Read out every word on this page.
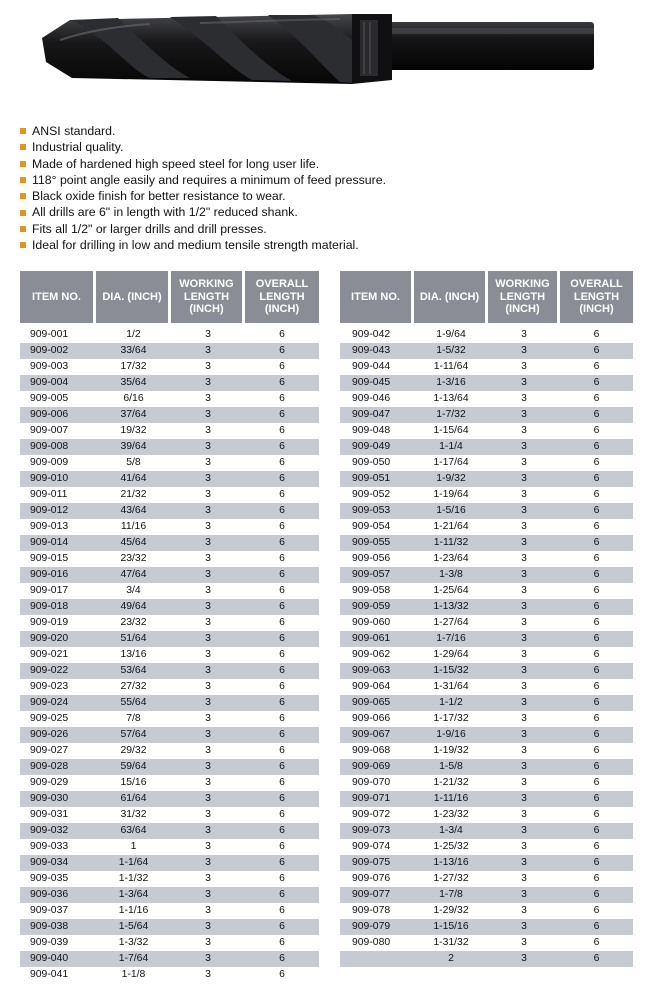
ANSI standard.
Industrial quality.
Made of hardened high speed steel for long user life.
118° point angle easily and requires a minimum of feed pressure.
Black oxide finish for better resistance to wear.
All drills are 6" in length with 1/2" reduced shank.
Fits all 1/2" or larger drills and drill presses.
Ideal for drilling in low and medium tensile strength material.
ITEM NO.	DIA. (INCH)	WORKING LENGTH (INCH)	OVERALL LENGTH (INCH)

909-001	1/2	3	6
909-002	33/64	3	6
909-003	17/32	3	6
909-004	35/64	3	6
909-005	6/16	3	6
909-006	37/64	3	6
909-007	19/32	3	6
909-008	39/64	3	6
909-009	5/8	3	6
909-010	41/64	3	6
909-011	21/32	3	6
909-012	43/64	3	6
909-013	11/16	3	6
909-014	45/64	3	6
909-015	23/32	3	6
909-016	47/64	3	6
909-017	3/4	3	6
909-018	49/64	3	6
909-019	23/32	3	6
909-020	51/64	3	6
909-021	13/16	3	6
909-022	53/64	3	6
909-023	27/32	3	6
909-024	55/64	3	6
909-025	7/8	3	6
909-026	57/64	3	6
909-027	29/32	3	6
909-028	59/64	3	6
909-029	15/16	3	6
909-030	61/64	3	6
909-031	31/32	3	6
909-032	63/64	3	6
909-033	1	3	6
909-034	1-1/64	3	6
909-035	1-1/32	3	6
909-036	1-3/64	3	6
909-037	1-1/16	3	6
909-038	1-5/64	3	6
909-039	1-3/32	3	6
909-040	1-7/64	3	6
909-041	1-1/8	3	6
ITEM NO.	DIA. (INCH)	WORKING LENGTH (INCH)	OVERALL LENGTH (INCH)

909-042	1-9/64	3	6
909-043	1-5/32	3	6
909-044	1-11/64	3	6
909-045	1-3/16	3	6
909-046	1-13/64	3	6
909-047	1-7/32	3	6
909-048	1-15/64	3	6
909-049	1-1/4	3	6
909-050	1-17/64	3	6
909-051	1-9/32	3	6
909-052	1-19/64	3	6
909-053	1-5/16	3	6
909-054	1-21/64	3	6
909-055	1-11/32	3	6
909-056	1-23/64	3	6
909-057	1-3/8	3	6
909-058	1-25/64	3	6
909-059	1-13/32	3	6
909-060	1-27/64	3	6
909-061	1-7/16	3	6
909-062	1-29/64	3	6
909-063	1-15/32	3	6
909-064	1-31/64	3	6
909-065	1-1/2	3	6
909-066	1-17/32	3	6
909-067	1-9/16	3	6
909-068	1-19/32	3	6
909-069	1-5/8	3	6
909-070	1-21/32	3	6
909-071	1-11/16	3	6
909-072	1-23/32	3	6
909-073	1-3/4	3	6
909-074	1-25/32	3	6
909-075	1-13/16	3	6
909-076	1-27/32	3	6
909-077	1-7/8	3	6
909-078	1-29/32	3	6
909-079	1-15/16	3	6
909-080	1-31/32	3	6
	2	3	6
